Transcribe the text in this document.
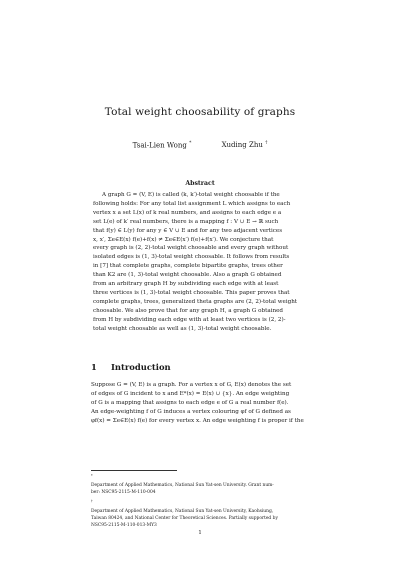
Total weight choosability of graphs
Tsai-Lien Wong *	Xuding Zhu †
Abstract
A graph G = (V, E) is called (k, k′)-total weight choosable if the
following holds: For any total list assignment L which assigns to each
vertex x a set L(x) of k real numbers, and assigns to each edge e a
set L(e) of k′ real numbers, there is a mapping f : V ∪ E → ℝ such
that f(y) ∈ L(y) for any y ∈ V ∪ E and for any two adjacent vertices
x, x′, Σe∈E(x) f(e)+f(x) ≠ Σe∈E(x′) f(e)+f(x′). We conjecture that
every graph is (2, 2)-total weight choosable and every graph without
isolated edges is (1, 3)-total weight choosable. It follows from results
in [7] that complete graphs, complete bipartite graphs, trees other
than K2 are (1, 3)-total weight choosable. Also a graph G obtained
from an arbitrary graph H by subdividing each edge with at least
three vertices is (1, 3)-total weight choosable. This paper proves that
complete graphs, trees, generalized theta graphs are (2, 2)-total weight
choosable. We also prove that for any graph H, a graph G obtained
from H by subdividing each edge with at least two vertices is (2, 2)-
total weight choosable as well as (1, 3)-total weight choosable.
1 Introduction
Suppose G = (V, E) is a graph. For a vertex x of G, E(x) denotes the set
of edges of G incident to x and E*(x) = E(x) ∪ {x}. An edge weighting
of G is a mapping that assigns to each edge e of G a real number f(e).
An edge-weighting f of G induces a vertex colouring φf of G defined as
φf(x) = Σe∈E(x) f(e) for every vertex x. An edge weighting f is proper if the
*
Department of Applied Mathematics, National Sun Yat-sen University. Grant num-
ber: NSC95-2115-M-110-004
†
Department of Applied Mathematics, National Sun Yat-sen University, Kaohsiung,
Taiwan 80424, and National Center for Theoretical Sciences. Partially supported by
NSC95-2115-M-110-013-MY3
1
